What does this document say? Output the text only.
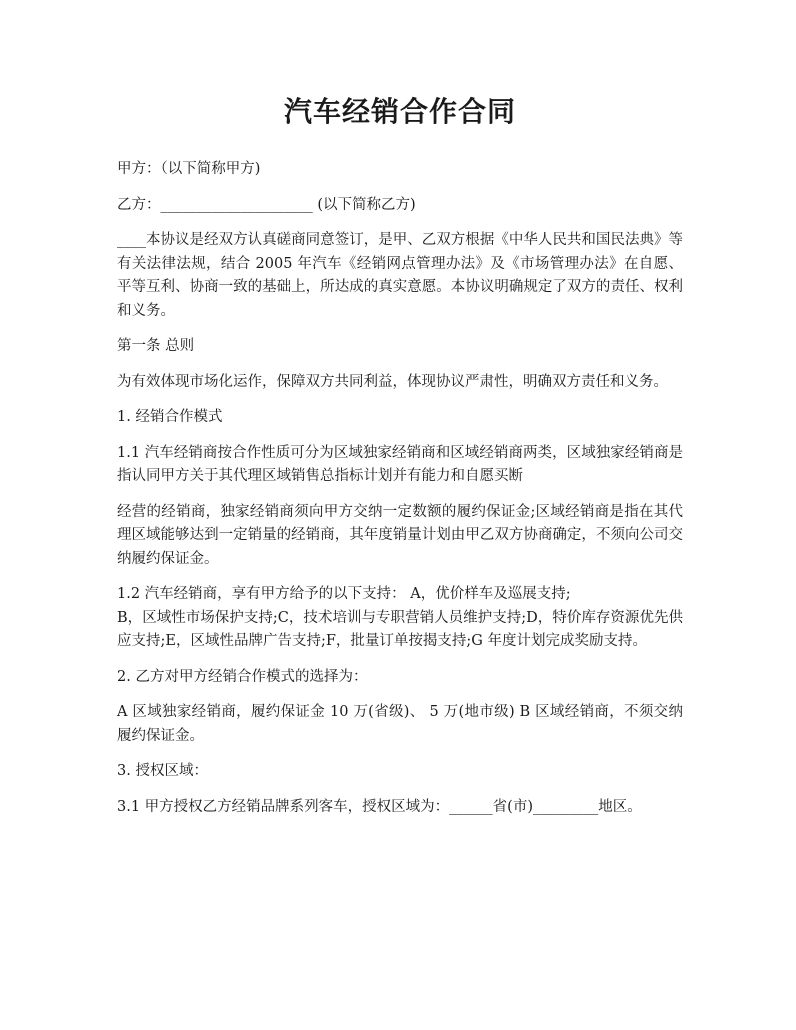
汽车经销合作合同

甲方：（以下简称甲方)

乙方：_____________________ (以下简称乙方)

____本协议是经双方认真磋商同意签订，是甲、乙双方根据《中华人民共和国民法典》等有关法律法规，结合 2005 年汽车《经销网点管理办法》及《市场管理办法》在自愿、平等互利、协商一致的基础上，所达成的真实意愿。本协议明确规定了双方的责任、权利和义务。

第一条 总则

为有效体现市场化运作，保障双方共同利益，体现协议严肃性，明确双方责任和义务。

1. 经销合作模式

1.1 汽车经销商按合作性质可分为区域独家经销商和区域经销商两类，区域独家经销商是指认同甲方关于其代理区域销售总指标计划并有能力和自愿买断

经营的经销商，独家经销商须向甲方交纳一定数额的履约保证金;区域经销商是指在其代理区域能够达到一定销量的经销商，其年度销量计划由甲乙双方协商确定，不须向公司交纳履约保证金。

1.2 汽车经销商，享有甲方给予的以下支持： A，优价样车及巡展支持;
B，区域性市场保护支持;C，技术培训与专职营销人员维护支持;D，特价库存资源优先供应支持;E，区域性品牌广告支持;F，批量订单按揭支持;G 年度计划完成奖励支持。

2. 乙方对甲方经销合作模式的选择为：

A 区域独家经销商，履约保证金 10 万(省级)、 5 万(地市级) B 区域经销商，不须交纳履约保证金。

3. 授权区域：

3.1 甲方授权乙方经销品牌系列客车，授权区域为：______省(市)_________地区。
